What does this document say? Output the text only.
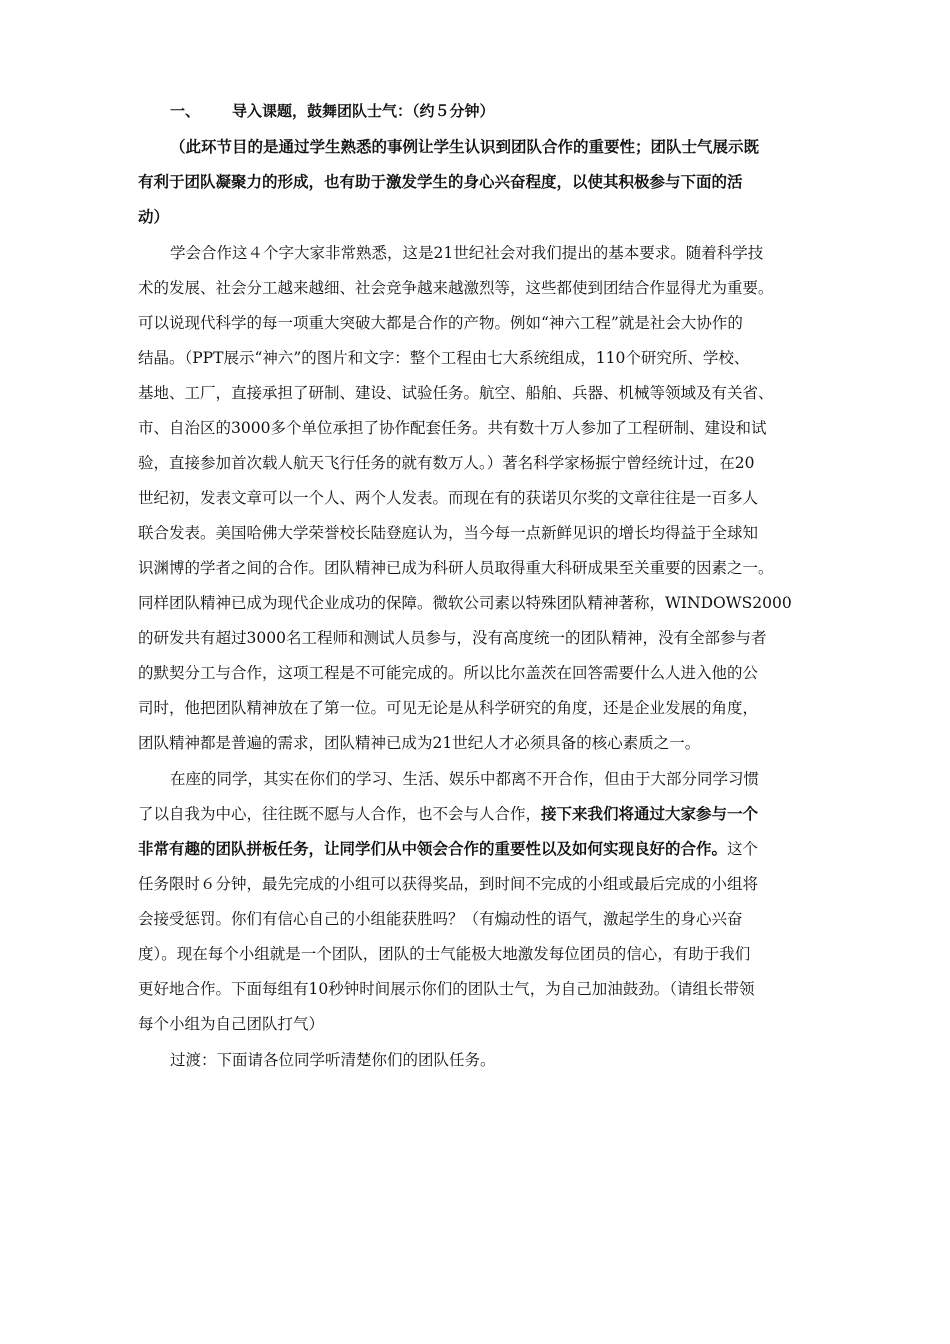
一、 导入课题，鼓舞团队士气：（约５分钟）
（此环节目的是通过学生熟悉的事例让学生认识到团队合作的重要性；团队士气展示既
有利于团队凝聚力的形成，也有助于激发学生的身心兴奋程度，以使其积极参与下面的活
动）
学会合作这４个字大家非常熟悉，这是21世纪社会对我们提出的基本要求。随着科学技
术的发展、社会分工越来越细、社会竞争越来越激烈等，这些都使到团结合作显得尤为重要。
可以说现代科学的每一项重大突破大都是合作的产物。例如“神六工程”就是社会大协作的
结晶。（PPT展示“神六”的图片和文字：整个工程由七大系统组成，110个研究所、学校、
基地、工厂，直接承担了研制、建设、试验任务。航空、船舶、兵器、机械等领域及有关省、
市、自治区的3000多个单位承担了协作配套任务。共有数十万人参加了工程研制、建设和试
验，直接参加首次载人航天飞行任务的就有数万人。）著名科学家杨振宁曾经统计过，在20
世纪初，发表文章可以一个人、两个人发表。而现在有的获诺贝尔奖的文章往往是一百多人
联合发表。美国哈佛大学荣誉校长陆登庭认为，当今每一点新鲜见识的增长均得益于全球知
识渊博的学者之间的合作。团队精神已成为科研人员取得重大科研成果至关重要的因素之一。
同样团队精神已成为现代企业成功的保障。微软公司素以特殊团队精神著称，WINDOWS2000
的研发共有超过3000名工程师和测试人员参与，没有高度统一的团队精神，没有全部参与者
的默契分工与合作，这项工程是不可能完成的。所以比尔盖茨在回答需要什么人进入他的公
司时，他把团队精神放在了第一位。可见无论是从科学研究的角度，还是企业发展的角度，
团队精神都是普遍的需求，团队精神已成为21世纪人才必须具备的核心素质之一。
在座的同学，其实在你们的学习、生活、娱乐中都离不开合作，但由于大部分同学习惯
了以自我为中心，往往既不愿与人合作，也不会与人合作，接下来我们将通过大家参与一个
非常有趣的团队拼板任务，让同学们从中领会合作的重要性以及如何实现良好的合作。这个
任务限时６分钟，最先完成的小组可以获得奖品，到时间不完成的小组或最后完成的小组将
会接受惩罚。你们有信心自己的小组能获胜吗？（有煽动性的语气，激起学生的身心兴奋
度）。现在每个小组就是一个团队，团队的士气能极大地激发每位团员的信心，有助于我们
更好地合作。下面每组有10秒钟时间展示你们的团队士气，为自己加油鼓劲。（请组长带领
每个小组为自己团队打气）
过渡：下面请各位同学听清楚你们的团队任务。
